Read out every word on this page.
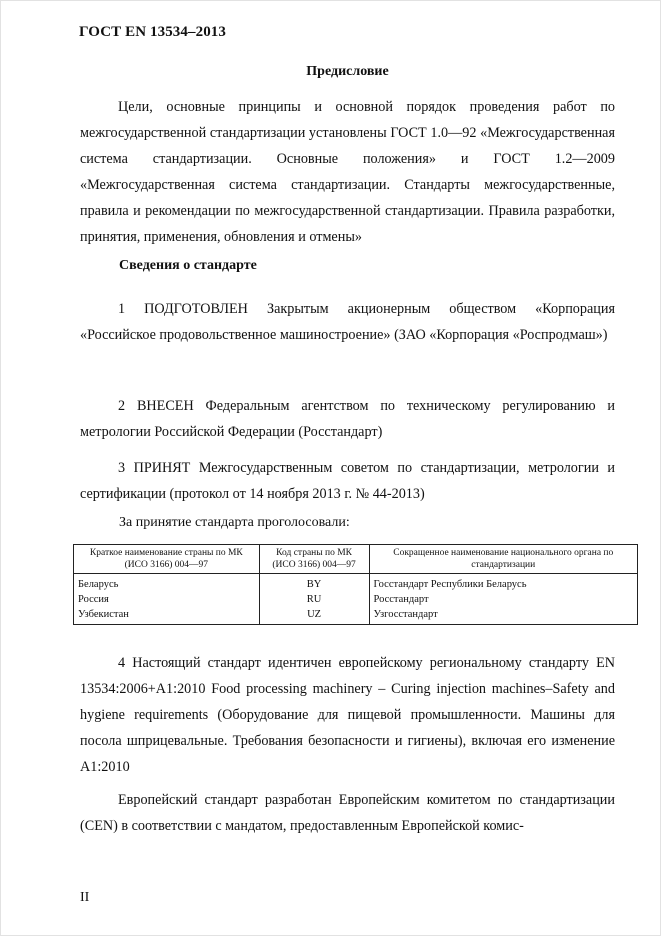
ГОСТ EN 13534–2013
Предисловие

Цели, основные принципы и основной порядок проведения работ по межгосударственной стандартизации установлены ГОСТ 1.0—92 «Межгосударственная система стандартизации. Основные положения» и ГОСТ 1.2—2009 «Межгосударственная система стандартизации. Стандарты межгосударственные, правила и рекомендации по межгосударственной стандартизации. Правила разработки, принятия, применения, обновления и отмены»

Сведения о стандарте

1 ПОДГОТОВЛЕН Закрытым акционерным обществом «Корпорация «Российское продовольственное машиностроение» (ЗАО «Корпорация «Роспродмаш»)

2 ВНЕСЕН Федеральным агентством по техническому регулированию и метрологии Российской Федерации (Росстандарт)

3 ПРИНЯТ Межгосударственным советом по стандартизации, метрологии и сертификации (протокол от 14 ноября 2013 г. № 44-2013)

За принятие стандарта проголосовали:
Краткое наименование страны по МК (ИСО 3166) 004—97	Код страны по МК (ИСО 3166) 004—97	Сокращенное наименование национального органа по стандартизации
Беларусь	BY	Госстандарт Республики Беларусь
Россия	RU	Росстандарт
Узбекистан	UZ	Узгосстандарт

4 Настоящий стандарт идентичен европейскому региональному стандарту EN 13534:2006+A1:2010 Food processing machinery – Curing injection machines–Safety and hygiene requirements (Оборудование для пищевой промышленности. Машины для посола шприцевальные. Требования безопасности и гигиены), включая его изменение A1:2010

Европейский стандарт разработан Европейским комитетом по стандартизации (CEN) в соответствии с мандатом, предоставленным Европейской комис-

II
